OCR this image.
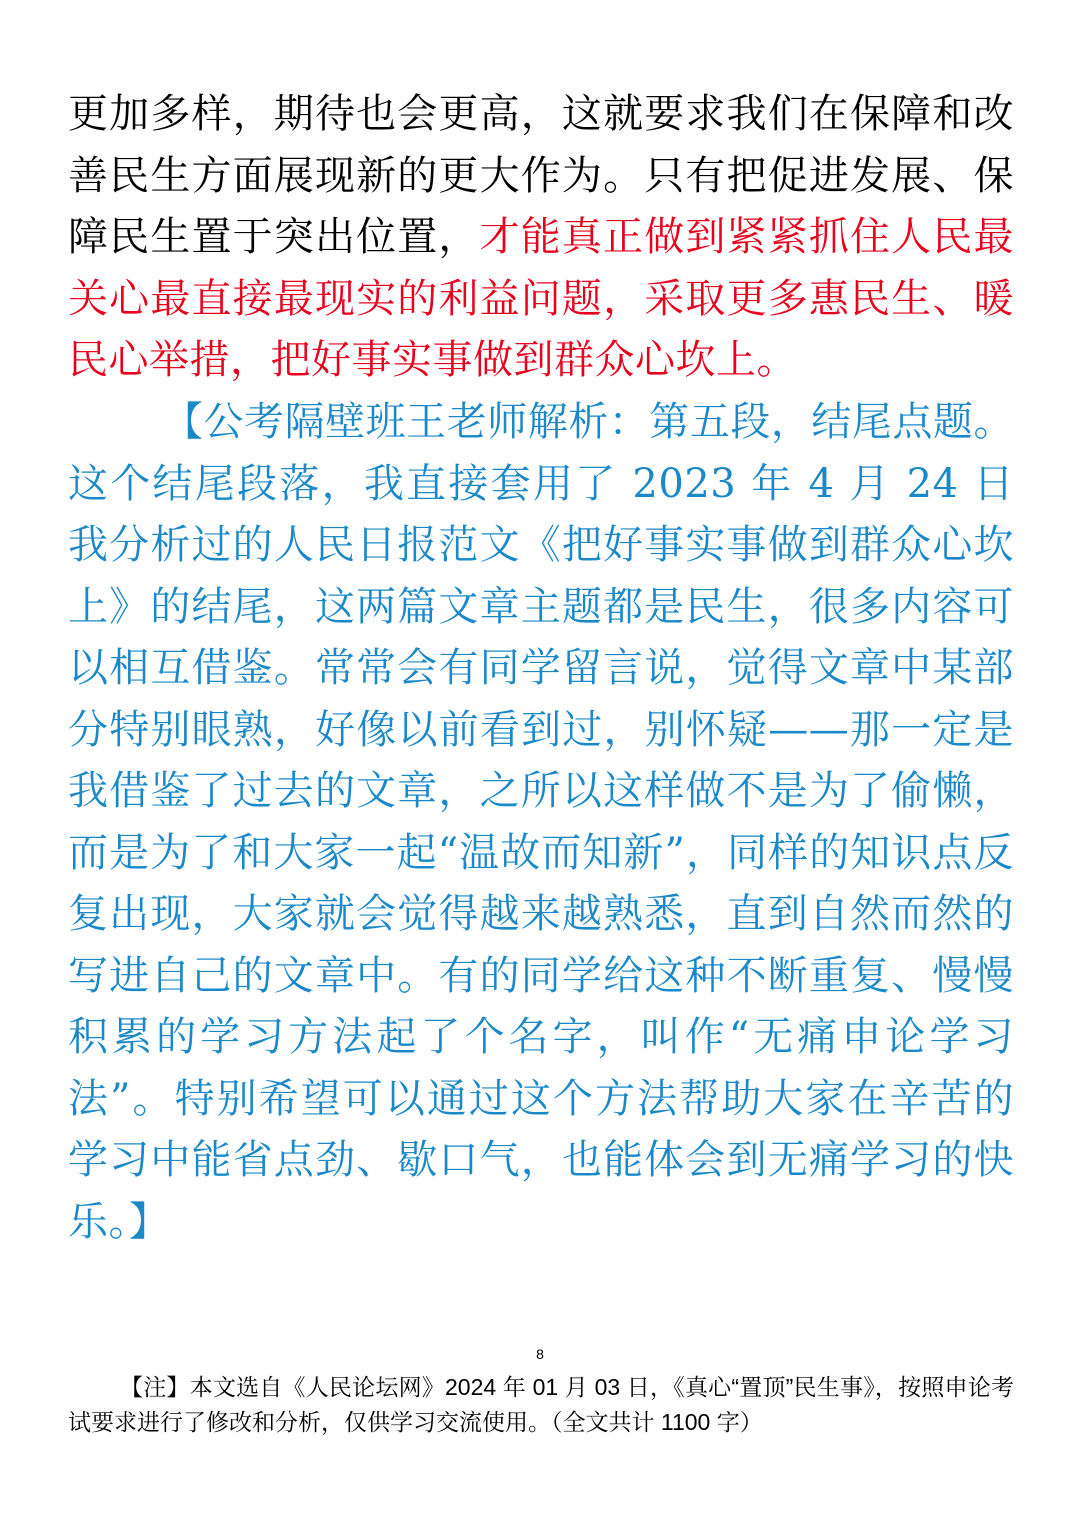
更加多样，期待也会更高，这就要求我们在保障和改善民生方面展现新的更大作为。只有把促进发展、保障民生置于突出位置，才能真正做到紧紧抓住人民最关心最直接最现实的利益问题，采取更多惠民生、暖民心举措，把好事实事做到群众心坎上。

【公考隔壁班王老师解析：第五段，结尾点题。这个结尾段落，我直接套用了 2023 年 4 月 24 日我分析过的人民日报范文《把好事实事做到群众心坎上》的结尾，这两篇文章主题都是民生，很多内容可以相互借鉴。常常会有同学留言说，觉得文章中某部分特别眼熟，好像以前看到过，别怀疑——那一定是我借鉴了过去的文章，之所以这样做不是为了偷懒，而是为了和大家一起“温故而知新”，同样的知识点反复出现，大家就会觉得越来越熟悉，直到自然而然的写进自己的文章中。有的同学给这种不断重复、慢慢积累的学习方法起了个名字，叫作“无痛申论学习法”。特别希望可以通过这个方法帮助大家在辛苦的学习中能省点劲、歇口气，也能体会到无痛学习的快乐。】

8

【注】本文选自《人民论坛网》2024 年 01 月 03 日，《真心“置顶”民生事》，按照申论考试要求进行了修改和分析，仅供学习交流使用。（全文共计 1100 字）
